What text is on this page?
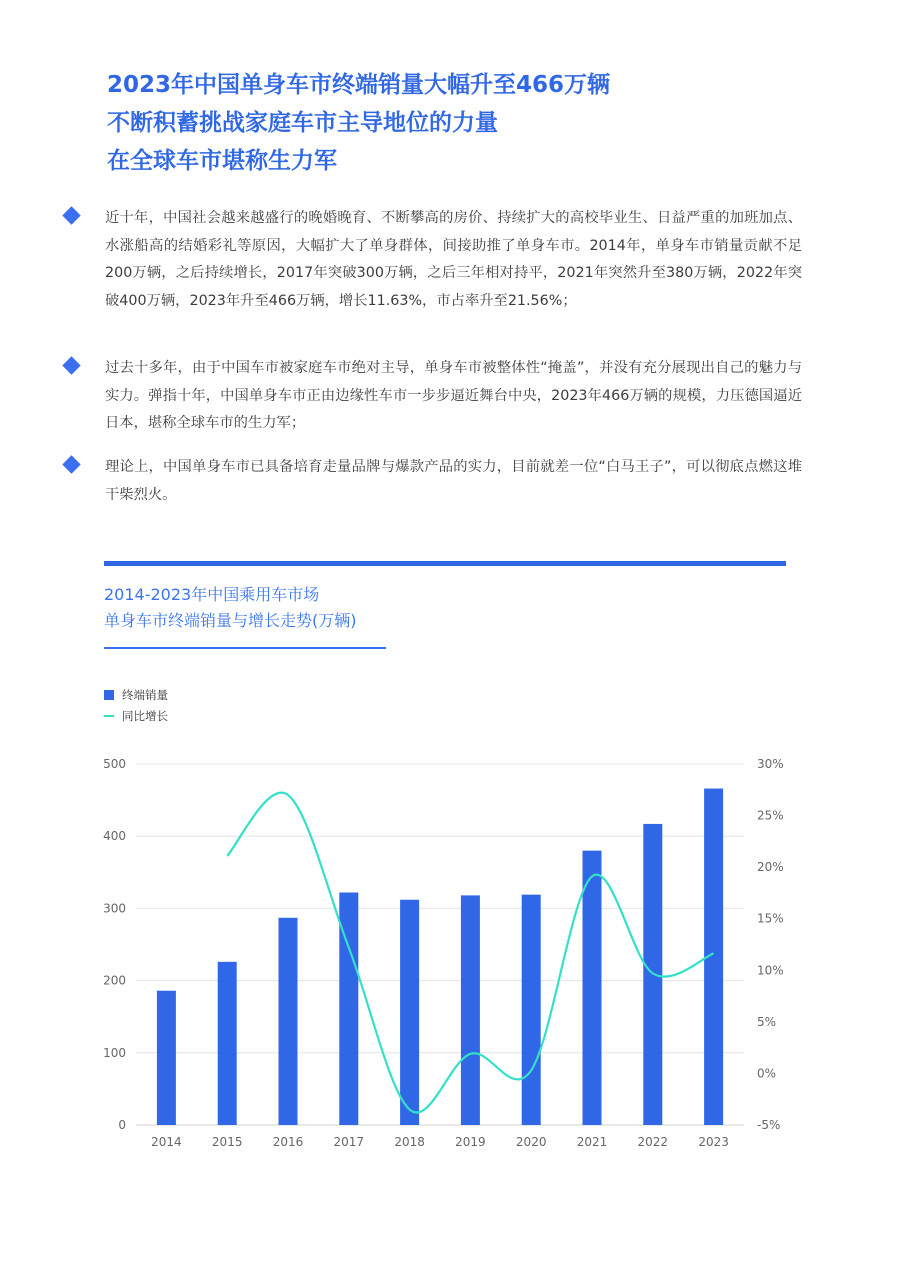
2023年中国单身车市终端销量大幅升至466万辆
不断积蓄挑战家庭车市主导地位的力量
在全球车市堪称生力军

近十年，中国社会越来越盛行的晚婚晚育、不断攀高的房价、持续扩大的高校毕业生、日益严重的加班加点、水涨船高的结婚彩礼等原因，大幅扩大了单身群体，间接助推了单身车市。2014年，单身车市销量贡献不足200万辆，之后持续增长，2017年突破300万辆，之后三年相对持平，2021年突然升至380万辆，2022年突破400万辆，2023年升至466万辆，增长11.63%，市占率升至21.56%；

过去十多年，由于中国车市被家庭车市绝对主导，单身车市被整体性“掩盖”，并没有充分展现出自己的魅力与实力。弹指十年，中国单身车市正由边缘性车市一步步逼近舞台中央，2023年466万辆的规模，力压德国逼近日本，堪称全球车市的生力军；

理论上，中国单身车市已具备培育走量品牌与爆款产品的实力，目前就差一位“白马王子”，可以彻底点燃这堆干柴烈火。

2014-2023年中国乘用车市场
单身车市终端销量与增长走势(万辆)
终端销量
同比增长
0
100
200
300
400
500
-5%
0%
5%
10%
15%
20%
25%
30%
2014	2015	2016	2017	2018	2019	2020	2021	2022	2023
